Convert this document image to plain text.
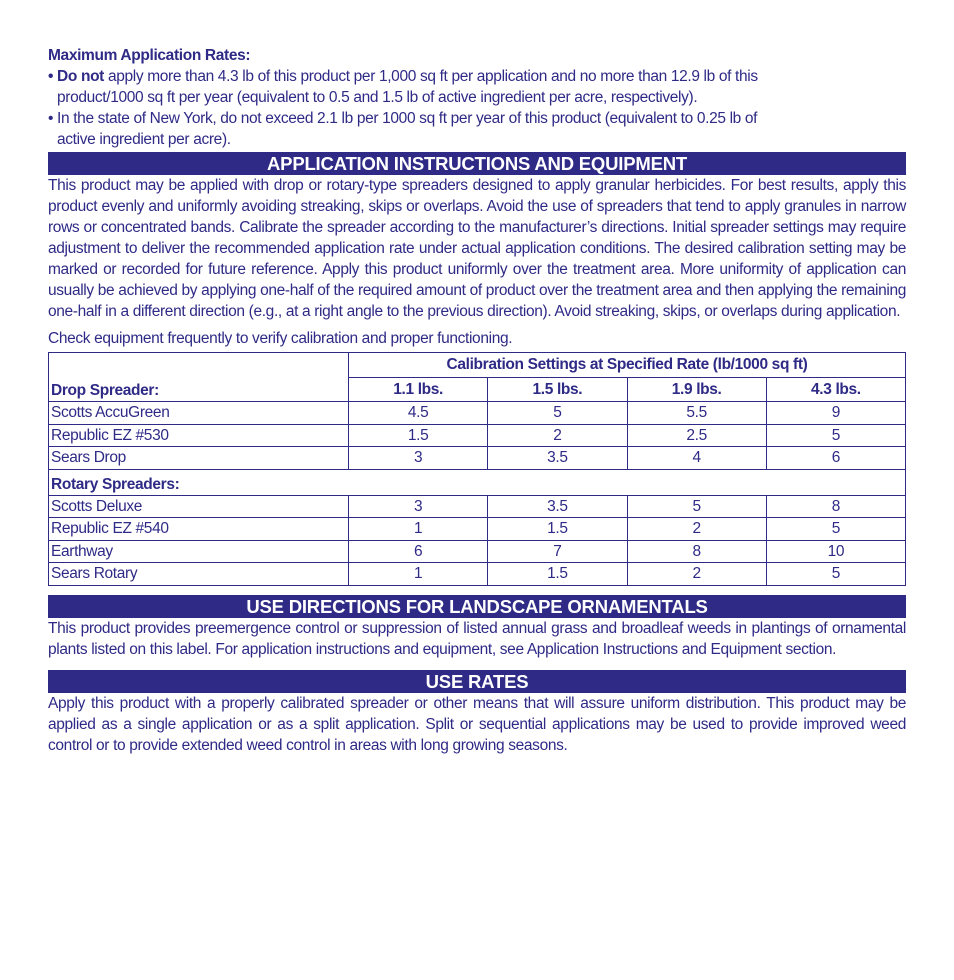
Maximum Application Rates:
• Do not apply more than 4.3 lb of this product per 1,000 sq ft per application and no more than 12.9 lb of this
product/1000 sq ft per year (equivalent to 0.5 and 1.5 lb of active ingredient per acre, respectively).
• In the state of New York, do not exceed 2.1 lb per 1000 sq ft per year of this product (equivalent to 0.25 lb of
active ingredient per acre).
APPLICATION INSTRUCTIONS AND EQUIPMENT
This product may be applied with drop or rotary-type spreaders designed to apply granular herbicides. For best results, apply this product evenly and uniformly avoiding streaking, skips or overlaps. Avoid the use of spreaders that tend to apply granules in narrow rows or concentrated bands. Calibrate the spreader according to the manufacturer’s directions. Initial spreader settings may require adjustment to deliver the recommended application rate under actual application conditions. The desired calibration setting may be marked or recorded for future reference. Apply this product uniformly over the treatment area. More uniformity of application can usually be achieved by applying one-half of the required amount of product over the treatment area and then applying the remaining one-half in a different direction (e.g., at a right angle to the previous direction). Avoid streaking, skips, or overlaps during application.
Check equipment frequently to verify calibration and proper functioning.
Drop Spreader:	Calibration Settings at Specified Rate (lb/1000 sq ft)			
	1.1 lbs.	1.5 lbs.	1.9 lbs.	4.3 lbs.
Scotts AccuGreen	4.5	5	5.5	9
Republic EZ #530	1.5	2	2.5	5
Sears Drop	3	3.5	4	6
Rotary Spreaders:				
Scotts Deluxe	3	3.5	5	8
Republic EZ #540	1	1.5	2	5
Earthway	6	7	8	10
Sears Rotary	1	1.5	2	5
USE DIRECTIONS FOR LANDSCAPE ORNAMENTALS
This product provides preemergence control or suppression of listed annual grass and broadleaf weeds in plantings of ornamental plants listed on this label. For application instructions and equipment, see Application Instructions and Equipment section.
USE RATES
Apply this product with a properly calibrated spreader or other means that will assure uniform distribution. This product may be applied as a single application or as a split application. Split or sequential applications may be used to provide improved weed control or to provide extended weed control in areas with long growing seasons.
